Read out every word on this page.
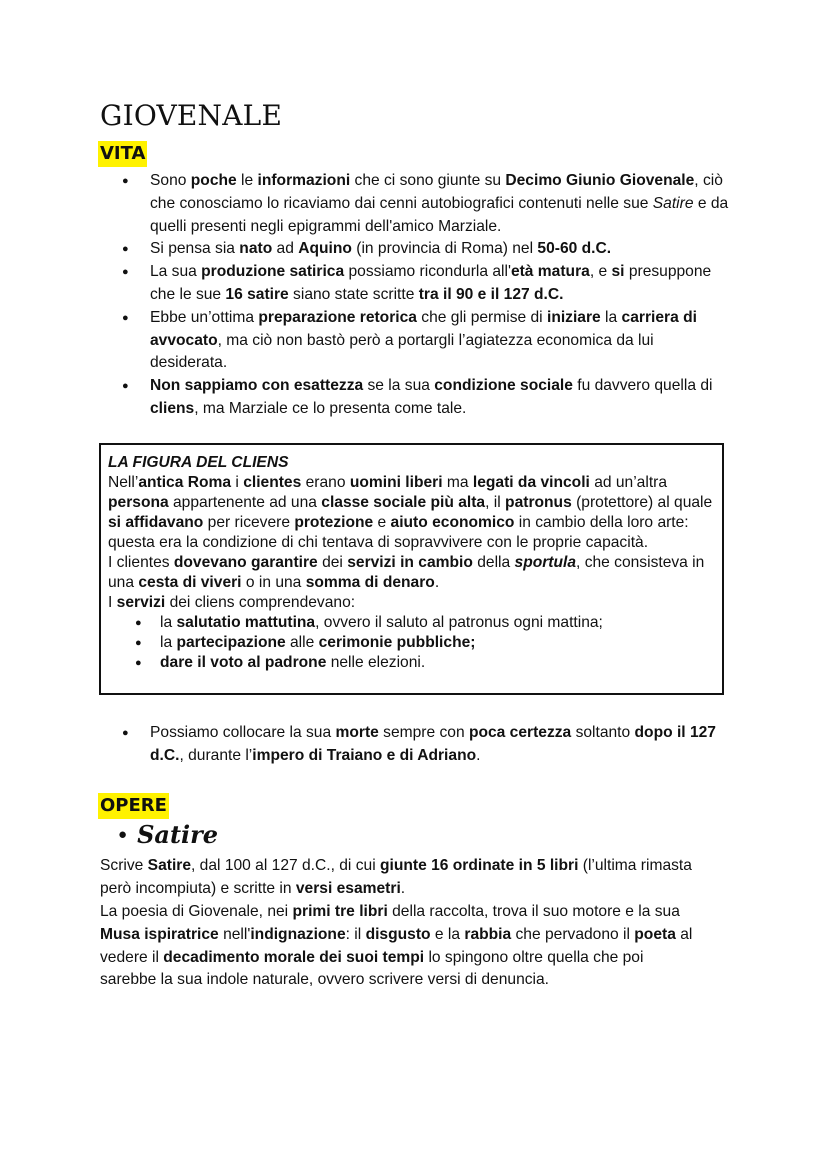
GIOVENALE
VITA
● Sono poche le informazioni che ci sono giunte su Decimo Giunio Giovenale, ciò che conosciamo lo ricaviamo dai cenni autobiografici contenuti nelle sue Satire e da quelli presenti negli epigrammi dell'amico Marziale.
● Si pensa sia nato ad Aquino (in provincia di Roma) nel 50-60 d.C.
● La sua produzione satirica possiamo ricondurla all'età matura, e si presuppone che le sue 16 satire siano state scritte tra il 90 e il 127 d.C.
● Ebbe un’ottima preparazione retorica che gli permise di iniziare la carriera di avvocato, ma ciò non bastò però a portargli l’agiatezza economica da lui desiderata.
● Non sappiamo con esattezza se la sua condizione sociale fu davvero quella di cliens, ma Marziale ce lo presenta come tale.

LA FIGURA DEL CLIENS

Nell’antica Roma i clientes erano uomini liberi ma legati da vincoli ad un’altra persona appartenente ad una classe sociale più alta, il patronus (protettore) al quale si affidavano per ricevere protezione e aiuto economico in cambio della loro arte: questa era la condizione di chi tentava di sopravvivere con le proprie capacità.

I clientes dovevano garantire dei servizi in cambio della sportula, che consisteva in una cesta di viveri o in una somma di denaro.

I servizi dei cliens comprendevano:

● la salutatio mattutina, ovvero il saluto al patronus ogni mattina;
● la partecipazione alle cerimonie pubbliche;
● dare il voto al padrone nelle elezioni.
● Possiamo collocare la sua morte sempre con poca certezza soltanto dopo il 127 d.C., durante l’impero di Traiano e di Adriano.
OPERE
● Satire

Scrive Satire, dal 100 al 127 d.C., di cui giunte 16 ordinate in 5 libri (l’ultima rimasta però incompiuta) e scritte in versi esametri.

La poesia di Giovenale, nei primi tre libri della raccolta, trova il suo motore e la sua Musa ispiratrice nell'indignazione: il disgusto e la rabbia che pervadono il poeta al vedere il decadimento morale dei suoi tempi lo spingono oltre quella che poi sarebbe la sua indole naturale, ovvero scrivere versi di denuncia.
